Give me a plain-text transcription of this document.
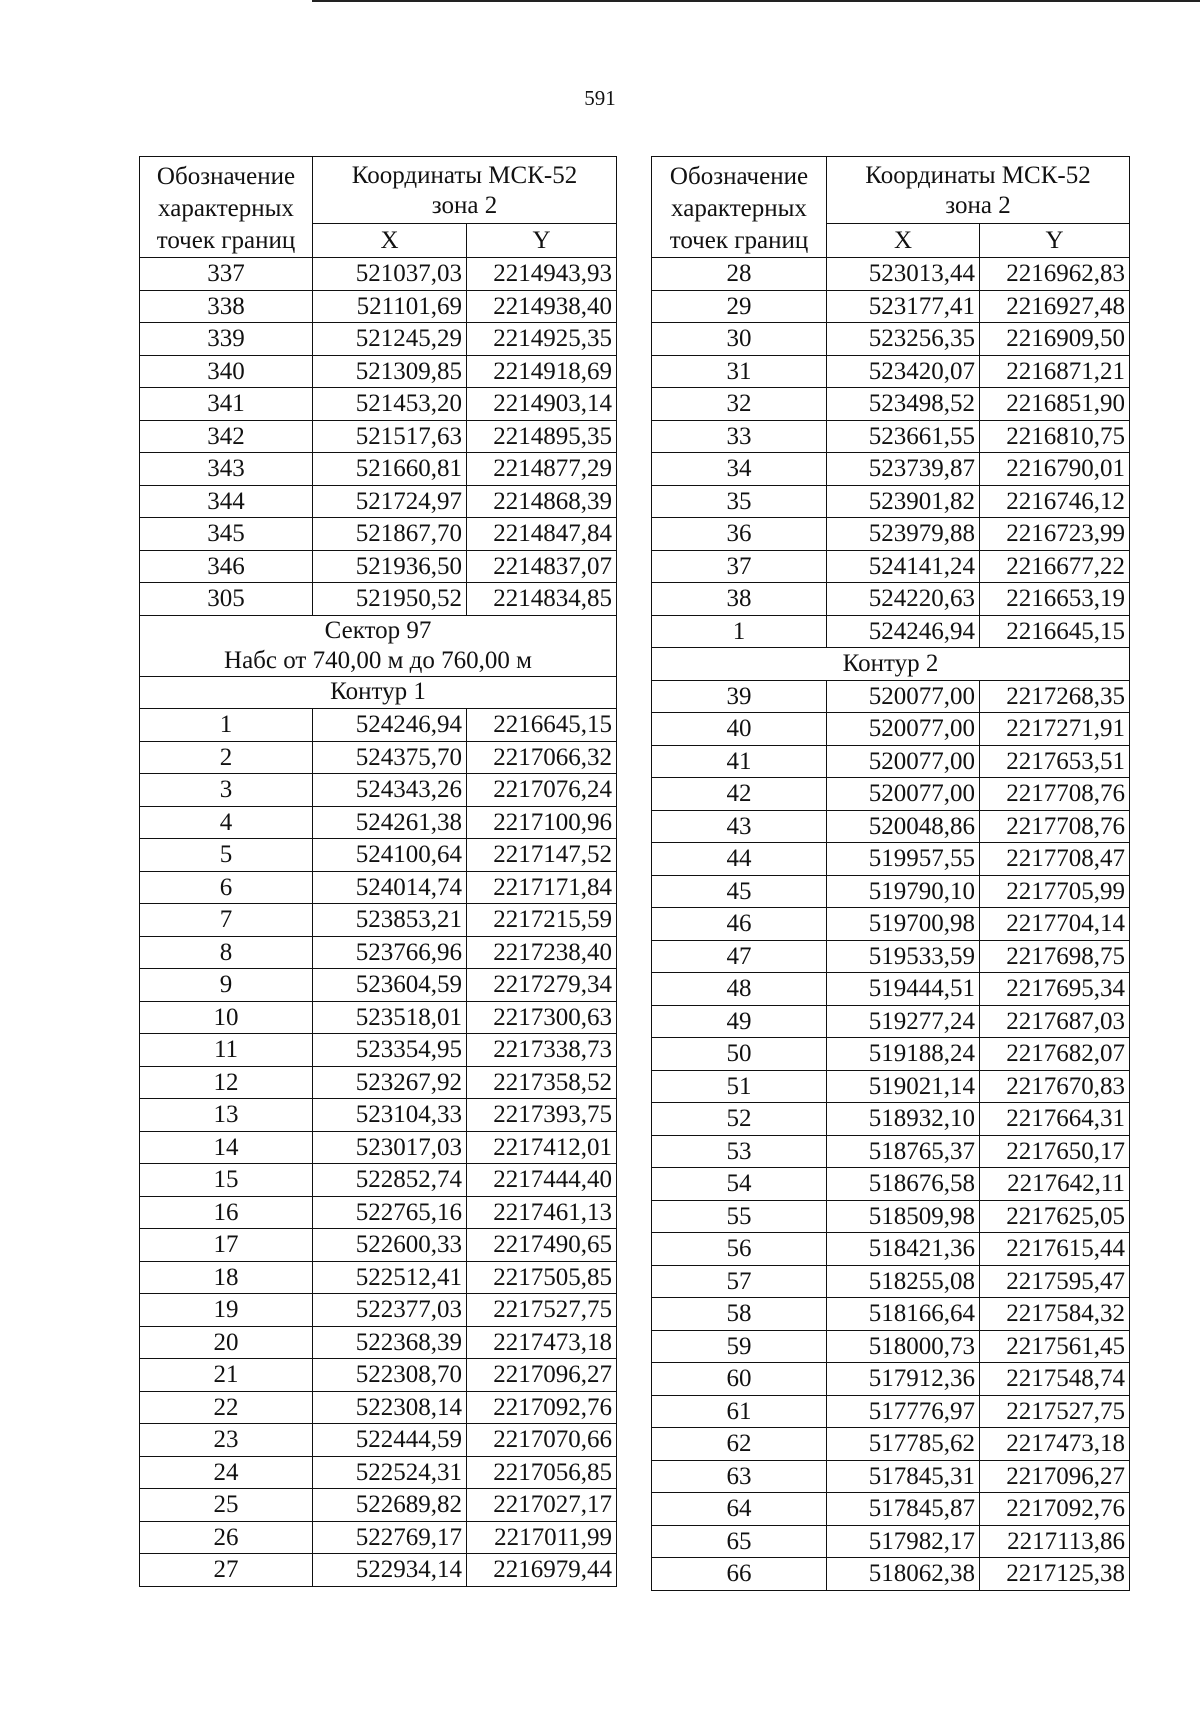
591
Обозначение
характерных
точек границ	Координаты МСК-52
зона 2	
	X	Y
337	521037,03	2214943,93
338	521101,69	2214938,40
339	521245,29	2214925,35
340	521309,85	2214918,69
341	521453,20	2214903,14
342	521517,63	2214895,35
343	521660,81	2214877,29
344	521724,97	2214868,39
345	521867,70	2214847,84
346	521936,50	2214837,07
305	521950,52	2214834,85
Сектор 97
Набс от 740,00 м до 760,00 м		
Контур 1		
1	524246,94	2216645,15
2	524375,70	2217066,32
3	524343,26	2217076,24
4	524261,38	2217100,96
5	524100,64	2217147,52
6	524014,74	2217171,84
7	523853,21	2217215,59
8	523766,96	2217238,40
9	523604,59	2217279,34
10	523518,01	2217300,63
11	523354,95	2217338,73
12	523267,92	2217358,52
13	523104,33	2217393,75
14	523017,03	2217412,01
15	522852,74	2217444,40
16	522765,16	2217461,13
17	522600,33	2217490,65
18	522512,41	2217505,85
19	522377,03	2217527,75
20	522368,39	2217473,18
21	522308,70	2217096,27
22	522308,14	2217092,76
23	522444,59	2217070,66
24	522524,31	2217056,85
25	522689,82	2217027,17
26	522769,17	2217011,99
27	522934,14	2216979,44
Обозначение
характерных
точек границ	Координаты МСК-52
зона 2	
	X	Y
28	523013,44	2216962,83
29	523177,41	2216927,48
30	523256,35	2216909,50
31	523420,07	2216871,21
32	523498,52	2216851,90
33	523661,55	2216810,75
34	523739,87	2216790,01
35	523901,82	2216746,12
36	523979,88	2216723,99
37	524141,24	2216677,22
38	524220,63	2216653,19
1	524246,94	2216645,15
Контур 2		
39	520077,00	2217268,35
40	520077,00	2217271,91
41	520077,00	2217653,51
42	520077,00	2217708,76
43	520048,86	2217708,76
44	519957,55	2217708,47
45	519790,10	2217705,99
46	519700,98	2217704,14
47	519533,59	2217698,75
48	519444,51	2217695,34
49	519277,24	2217687,03
50	519188,24	2217682,07
51	519021,14	2217670,83
52	518932,10	2217664,31
53	518765,37	2217650,17
54	518676,58	2217642,11
55	518509,98	2217625,05
56	518421,36	2217615,44
57	518255,08	2217595,47
58	518166,64	2217584,32
59	518000,73	2217561,45
60	517912,36	2217548,74
61	517776,97	2217527,75
62	517785,62	2217473,18
63	517845,31	2217096,27
64	517845,87	2217092,76
65	517982,17	2217113,86
66	518062,38	2217125,38
